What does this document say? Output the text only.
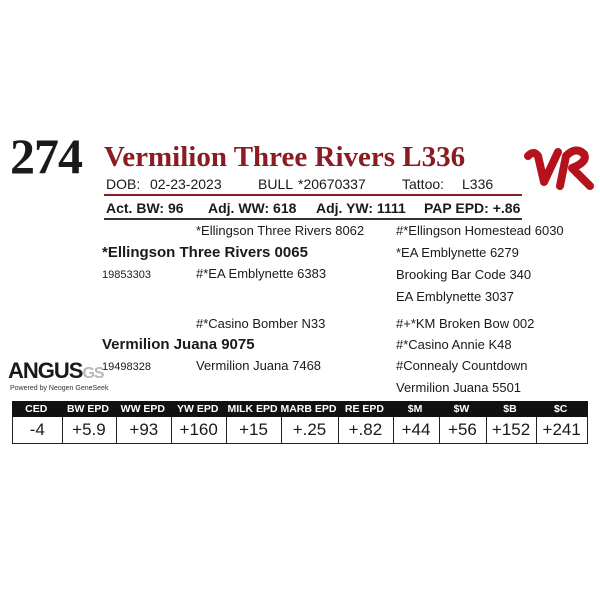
274 Vermilion Three Rivers L336
DOB: 02-23-2023	BULL *20670337	Tattoo: L336
Act. BW: 96 Adj. WW: 618 Adj. YW: 1111 PAP EPD: +.86
*Ellingson Three Rivers 8062
*Ellingson Three Rivers 0065
19853303	#*EA Emblynette 6383
#*Ellingson Homestead 6030
*EA Emblynette 6279
Brooking Bar Code 340
EA Emblynette 3037
#*Casino Bomber N33
Vermilion Juana 9075
19498328	Vermilion Juana 7468
#+*KM Broken Bow 002
#*Casino Annie K48
#Connealy Countdown
Vermilion Juana 5501
ANGUSGS
Powered by Neogen GeneSeek
CED	BW EPD	WW EPD	YW EPD MILK EPD MARB EPD RE EPD	$M	$W	$B	$C
-4	+5.9	+93	+160	+15	+.25	+.82	+44	+56 +152 +241
